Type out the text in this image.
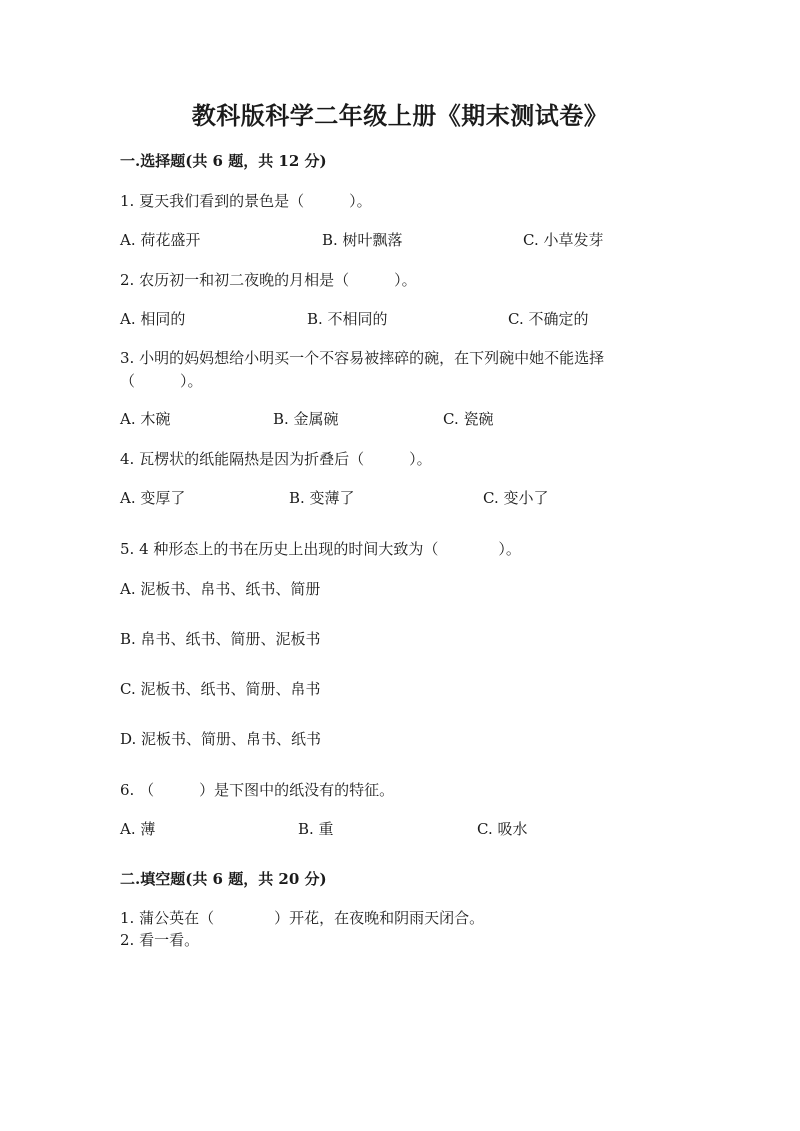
教科版科学二年级上册《期末测试卷》
一.选择题(共 6 题，共 12 分)
1. 夏天我们看到的景色是（　　　）。
A. 荷花盛开	B. 树叶飘落	C. 小草发芽
2. 农历初一和初二夜晚的月相是（　　　）。
A. 相同的	B. 不相同的	C. 不确定的
3. 小明的妈妈想给小明买一个不容易被摔碎的碗，在下列碗中她不能选择
（　　　）。
A. 木碗	B. 金属碗	C. 瓷碗
4. 瓦楞状的纸能隔热是因为折叠后（　　　）。
A. 变厚了	B. 变薄了	C. 变小了
5. 4 种形态上的书在历史上出现的时间大致为（　　　　）。
A. 泥板书、帛书、纸书、简册
B. 帛书、纸书、简册、泥板书
C. 泥板书、纸书、简册、帛书
D. 泥板书、简册、帛书、纸书
6. （　　　）是下图中的纸没有的特征。
A. 薄	B. 重	C. 吸水
二.填空题(共 6 题，共 20 分)
1. 蒲公英在（　　　　）开花，在夜晚和阴雨天闭合。
2. 看一看。
